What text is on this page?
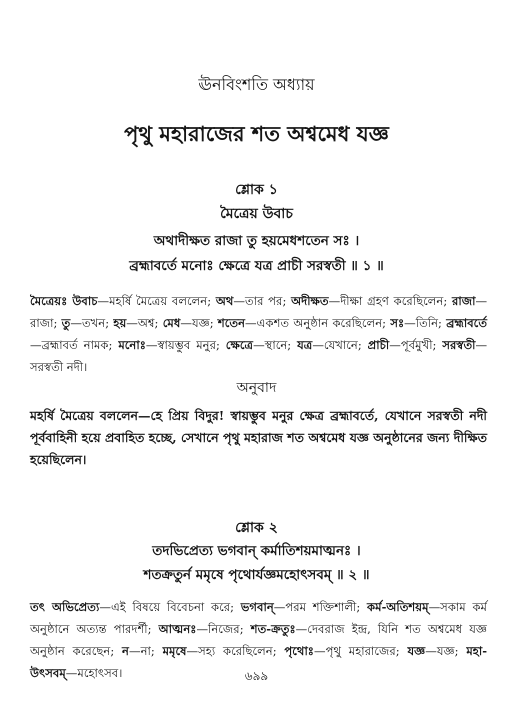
ঊনবিংশতি অধ্যায়
পৃথু মহারাজের শত অশ্বমেধ যজ্ঞ
শ্লোক ১
মৈত্রেয় উবাচ
অথাদীক্ষত রাজা তু হয়মেধশতেন সঃ ।
ব্রহ্মাবর্তে মনোঃ ক্ষেত্রে যত্র প্রাচী সরস্বতী ॥ ১ ॥
মৈত্রেয়ঃ উবাচ—মহর্ষি মৈত্রেয় বললেন; অথ—তার পর; অদীক্ষত—দীক্ষা গ্রহণ করেছিলেন; রাজা—রাজা; তু—তখন; হয়—অশ্ব; মেধ—যজ্ঞ; শতেন—একশত অনুষ্ঠান করেছিলেন; সঃ—তিনি; ব্রহ্মাবর্তে—ব্রহ্মাবর্ত নামক; মনোঃ—স্বায়ম্ভুব মনুর; ক্ষেত্রে—স্থানে; যত্র—যেখানে; প্রাচী—পূর্বমুখী; সরস্বতী—সরস্বতী নদী।
অনুবাদ
মহর্ষি মৈত্রেয় বললেন—হে প্রিয় বিদুর! স্বায়ম্ভুব মনুর ক্ষেত্র ব্রহ্মাবর্তে, যেখানে সরস্বতী নদী পূর্ববাহিনী হয়ে প্রবাহিত হচ্ছে, সেখানে পৃথু মহারাজ শত অশ্বমেধ যজ্ঞ অনুষ্ঠানের জন্য দীক্ষিত হয়েছিলেন।
শ্লোক ২
তদভিপ্রেত্য ভগবান্ কর্মাতিশয়মাত্মনঃ ।
শতক্রতুর্ন মমৃষে পৃথোর্যজ্ঞমহোৎসবম্ ॥ ২ ॥
তৎ অভিপ্রেত্য—এই বিষয়ে বিবেচনা করে; ভগবান্—পরম শক্তিশালী; কর্ম-অতিশয়ম্—সকাম কর্ম অনুষ্ঠানে অত্যন্ত পারদর্শী; আত্মনঃ—নিজের; শত-ক্রতুঃ—দেবরাজ ইন্দ্র, যিনি শত অশ্বমেধ যজ্ঞ অনুষ্ঠান করেছেন; ন—না; মমৃষে—সহ্য করেছিলেন; পৃথোঃ—পৃথু মহারাজের; যজ্ঞ—যজ্ঞ; মহা-উৎসবম্—মহোৎসব।	৬৯৯
